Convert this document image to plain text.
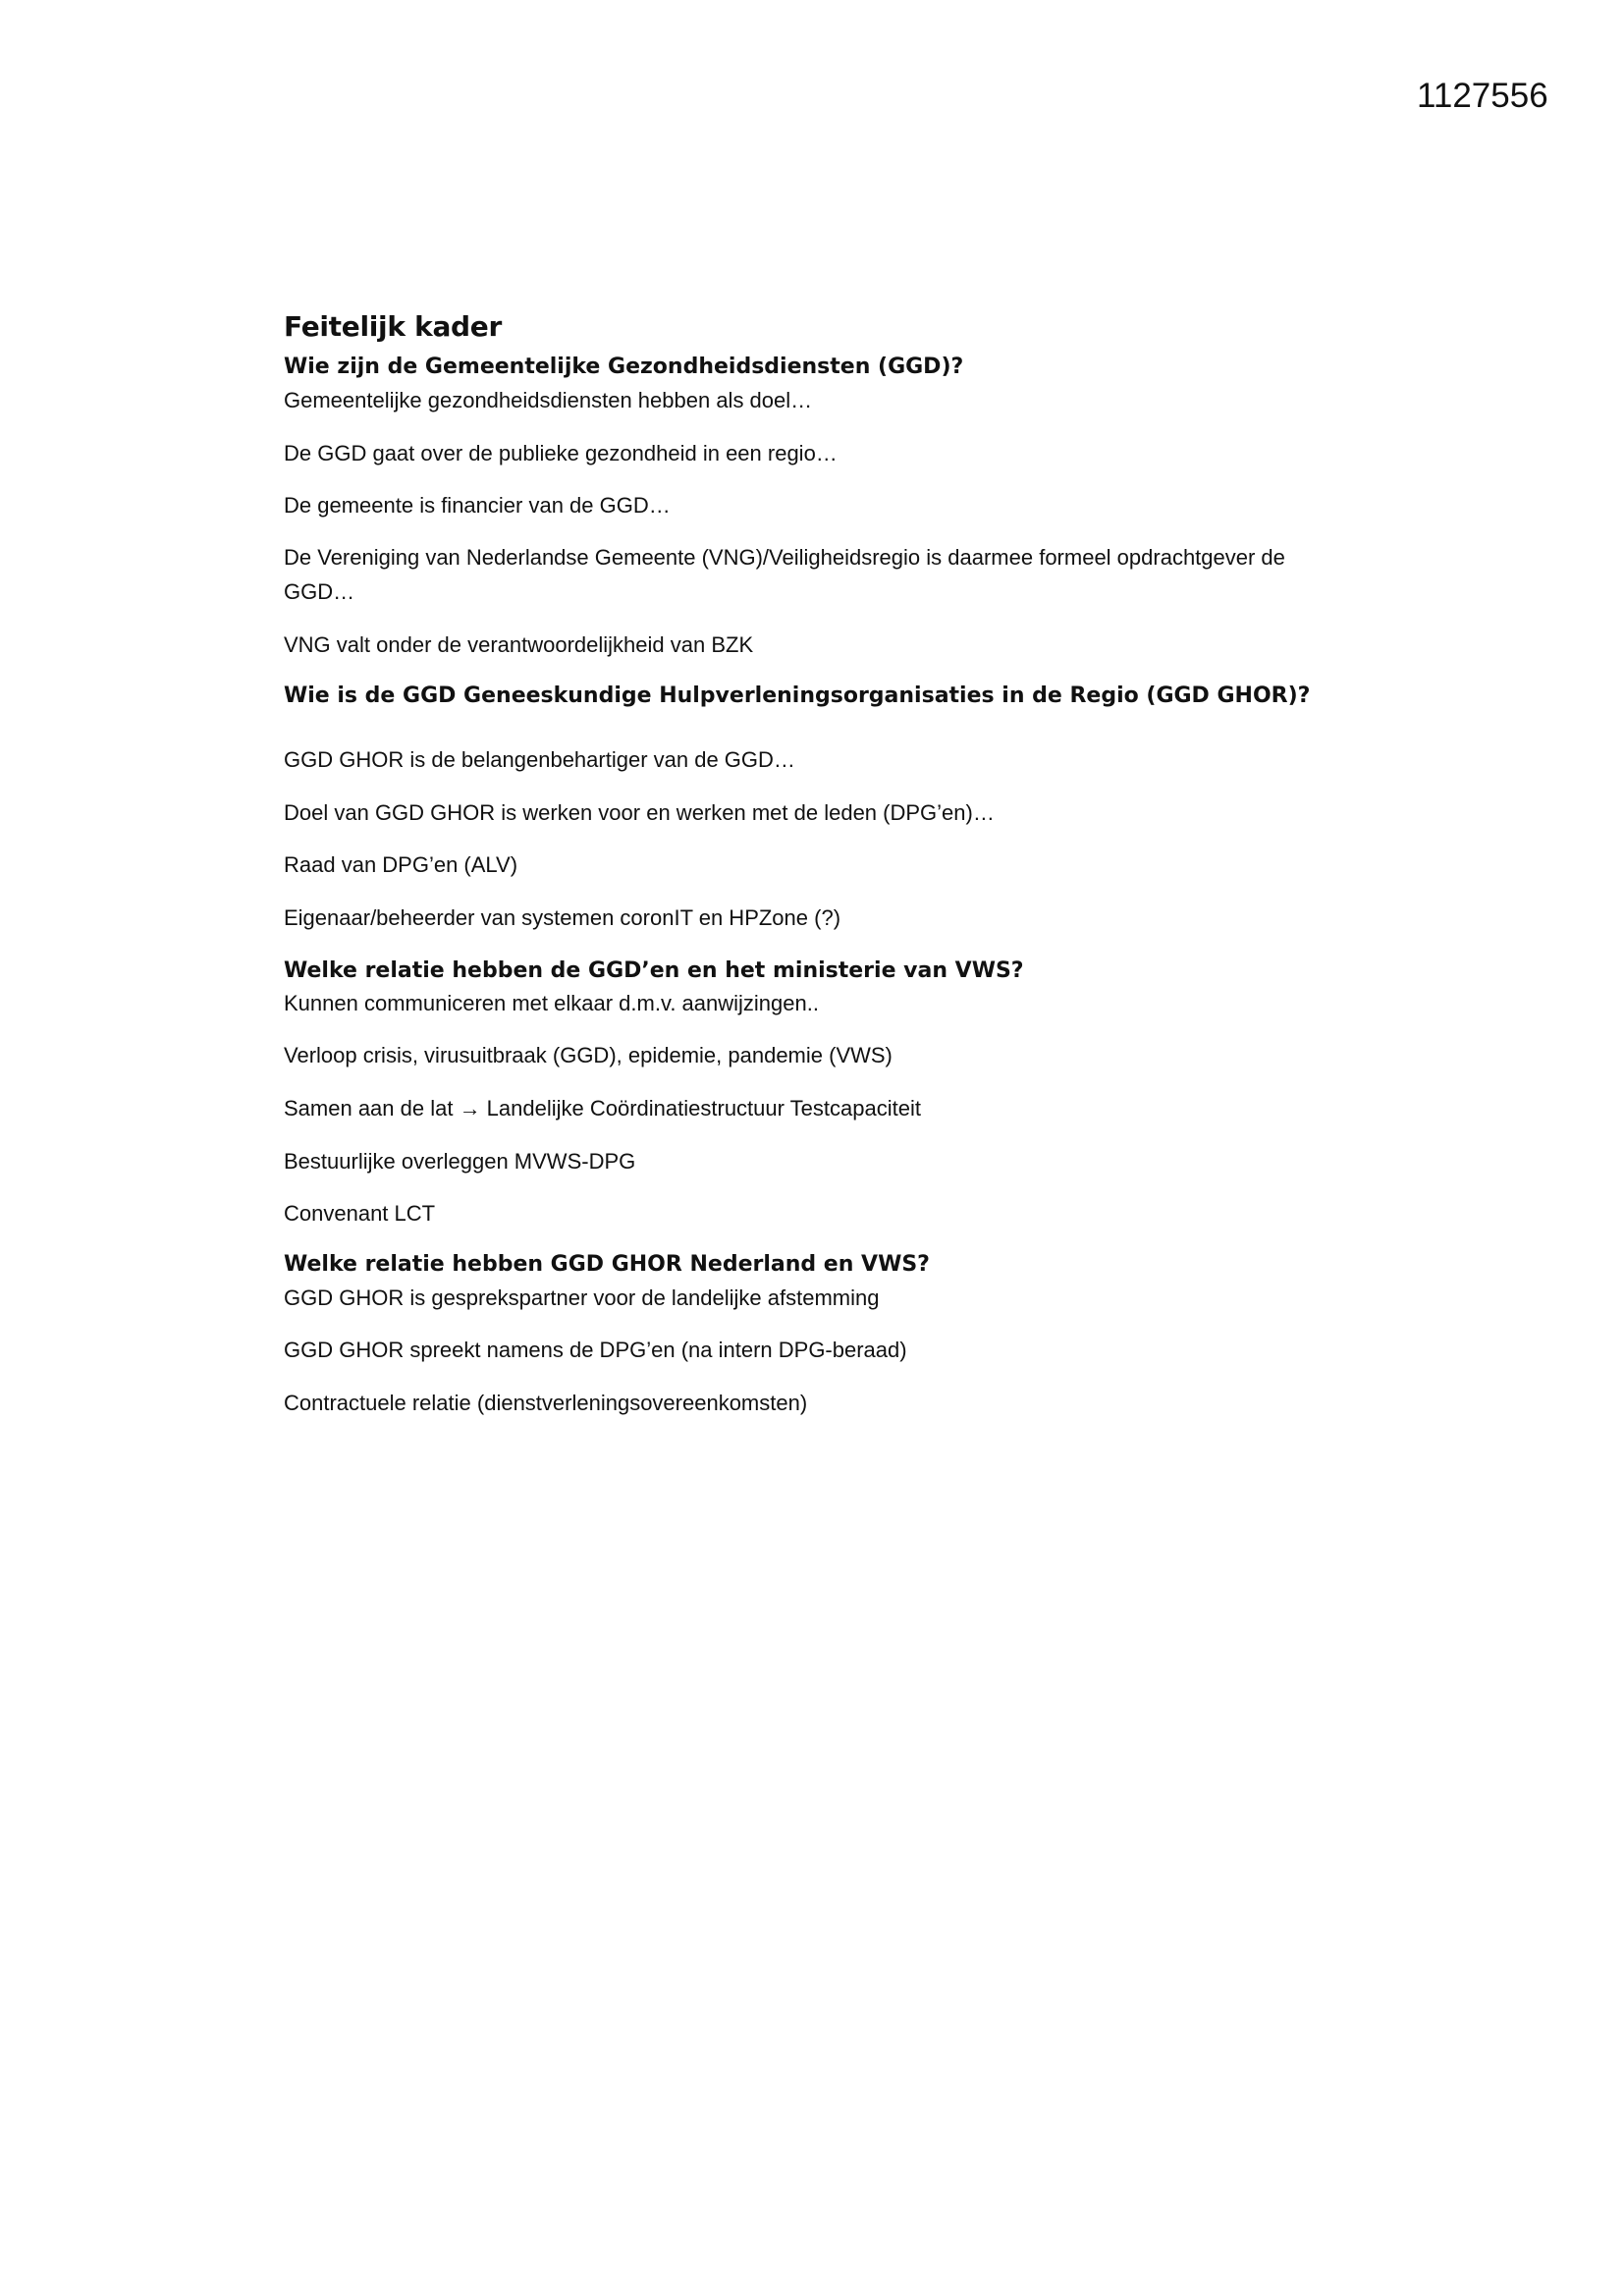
1127556
Feitelijk kader
Wie zijn de Gemeentelijke Gezondheidsdiensten (GGD)?
Gemeentelijke gezondheidsdiensten hebben als doel…
De GGD gaat over de publieke gezondheid in een regio…
De gemeente is financier van de GGD…
De Vereniging van Nederlandse Gemeente (VNG)/Veiligheidsregio is daarmee formeel opdrachtgever de GGD…
VNG valt onder de verantwoordelijkheid van BZK
Wie is de GGD Geneeskundige Hulpverleningsorganisaties in de Regio (GGD GHOR)?
GGD GHOR is de belangenbehartiger van de GGD…
Doel van GGD GHOR is werken voor en werken met de leden (DPG’en)…
Raad van DPG’en (ALV)
Eigenaar/beheerder van systemen coronIT en HPZone (?)
Welke relatie hebben de GGD’en en het ministerie van VWS?
Kunnen communiceren met elkaar d.m.v. aanwijzingen..
Verloop crisis, virusuitbraak (GGD), epidemie, pandemie (VWS)
Samen aan de lat → Landelijke Coördinatiestructuur Testcapaciteit
Bestuurlijke overleggen MVWS-DPG
Convenant LCT
Welke relatie hebben GGD GHOR Nederland en VWS?
GGD GHOR is gesprekspartner voor de landelijke afstemming
GGD GHOR spreekt namens de DPG’en (na intern DPG-beraad)
Contractuele relatie (dienstverleningsovereenkomsten)
